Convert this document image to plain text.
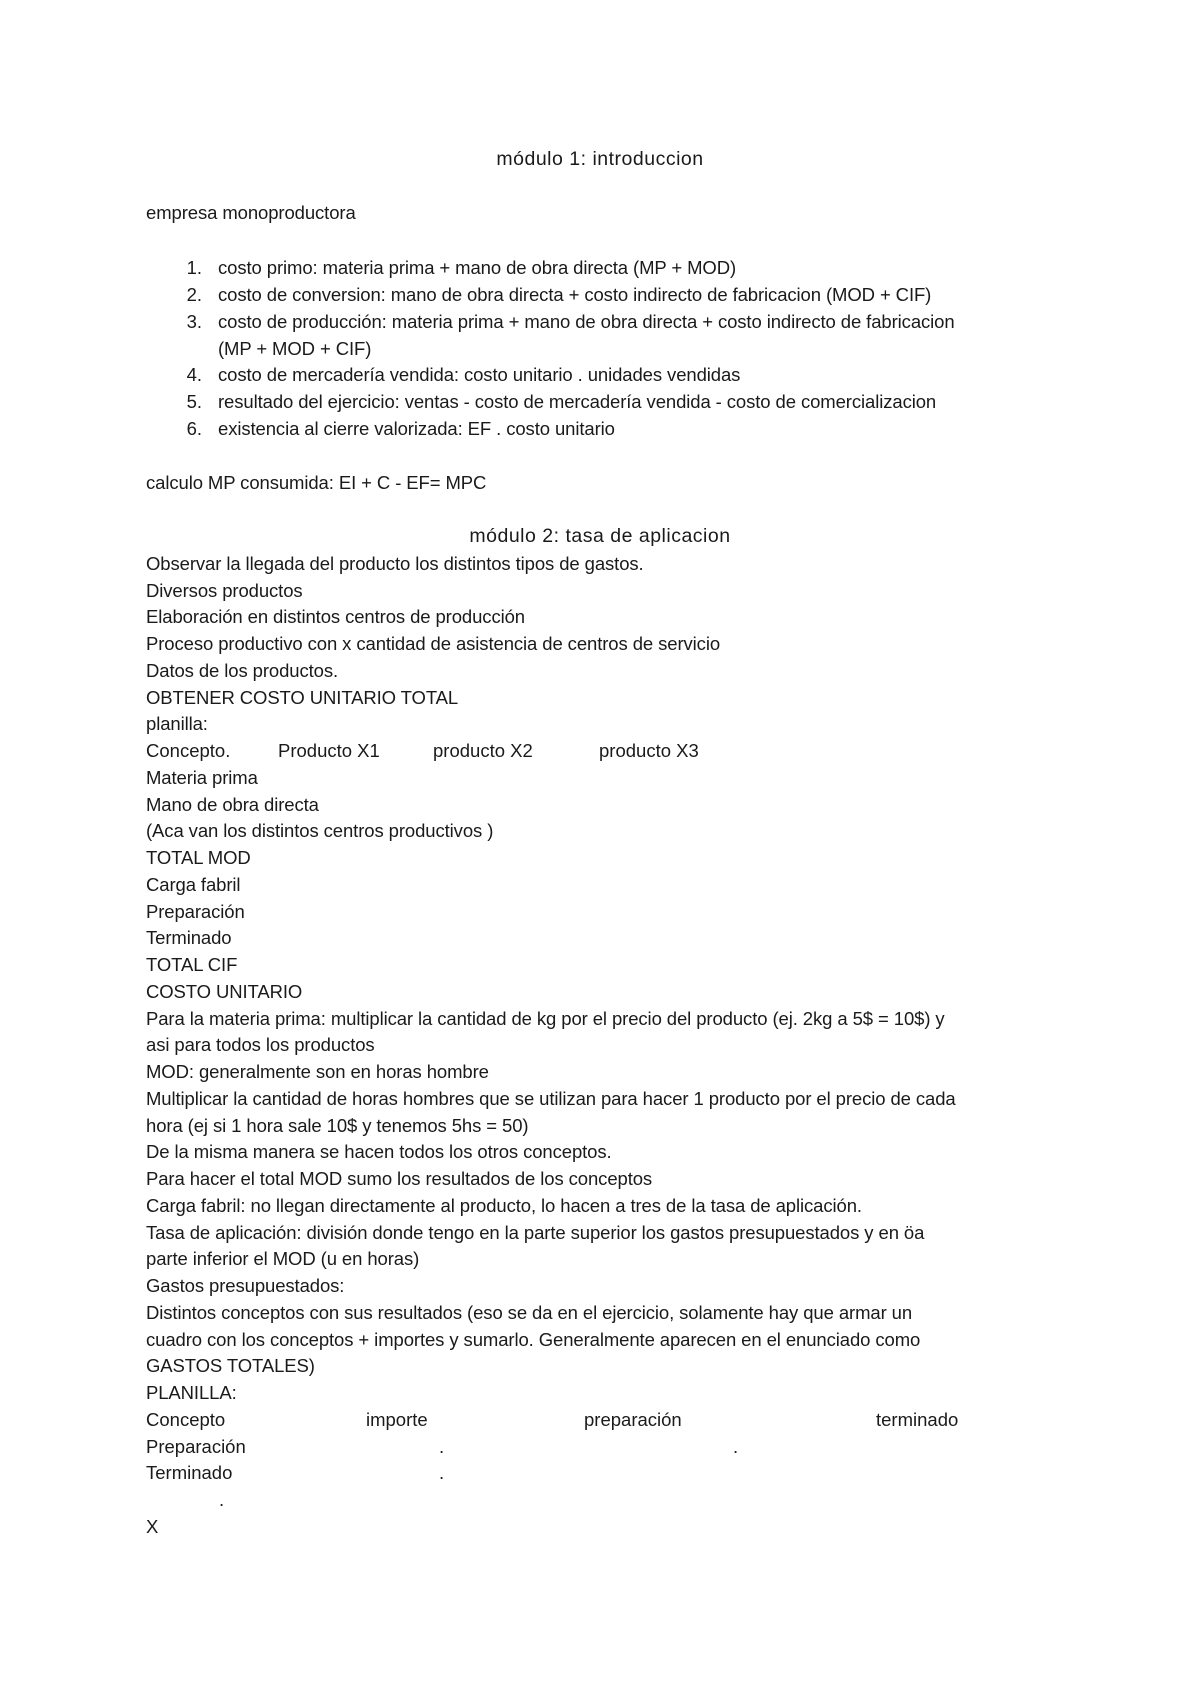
módulo 1: introduccion
empresa monoproductora
1. costo primo: materia prima + mano de obra directa (MP + MOD)
2. costo de conversion: mano de obra directa + costo indirecto de fabricacion (MOD + CIF)
3. costo de producción: materia prima + mano de obra directa + costo indirecto de fabricacion
(MP + MOD + CIF)
4. costo de mercadería vendida: costo unitario . unidades vendidas
5. resultado del ejercicio: ventas - costo de mercadería vendida - costo de comercializacion
6. existencia al cierre valorizada: EF . costo unitario
calculo MP consumida: EI + C - EF= MPC
módulo 2: tasa de aplicacion
Observar la llegada del producto los distintos tipos de gastos.
Diversos productos
Elaboración en distintos centros de producción
Proceso productivo con x cantidad de asistencia de centros de servicio
Datos de los productos.
OBTENER COSTO UNITARIO TOTAL
planilla:
Concepto.	Producto X1	producto X2	producto X3
Materia prima
Mano de obra directa
(Aca van los distintos centros productivos )
TOTAL MOD
Carga fabril
Preparación
Terminado
TOTAL CIF
COSTO UNITARIO
Para la materia prima: multiplicar la cantidad de kg por el precio del producto (ej. 2kg a 5$ = 10$) y
asi para todos los productos
MOD: generalmente son en horas hombre
Multiplicar la cantidad de horas hombres que se utilizan para hacer 1 producto por el precio de cada
hora (ej si 1 hora sale 10$ y tenemos 5hs = 50)
De la misma manera se hacen todos los otros conceptos.
Para hacer el total MOD sumo los resultados de los conceptos
Carga fabril: no llegan directamente al producto, lo hacen a tres de la tasa de aplicación.
Tasa de aplicación: división donde tengo en la parte superior los gastos presupuestados y en öa
parte inferior el MOD (u en horas)
Gastos presupuestados:
Distintos conceptos con sus resultados (eso se da en el ejercicio, solamente hay que armar un
cuadro con los conceptos + importes y sumarlo. Generalmente aparecen en el enunciado como
GASTOS TOTALES)
PLANILLA:
Concepto	importe	preparación	terminado
Preparación	.	.
Terminado	.
.
X
